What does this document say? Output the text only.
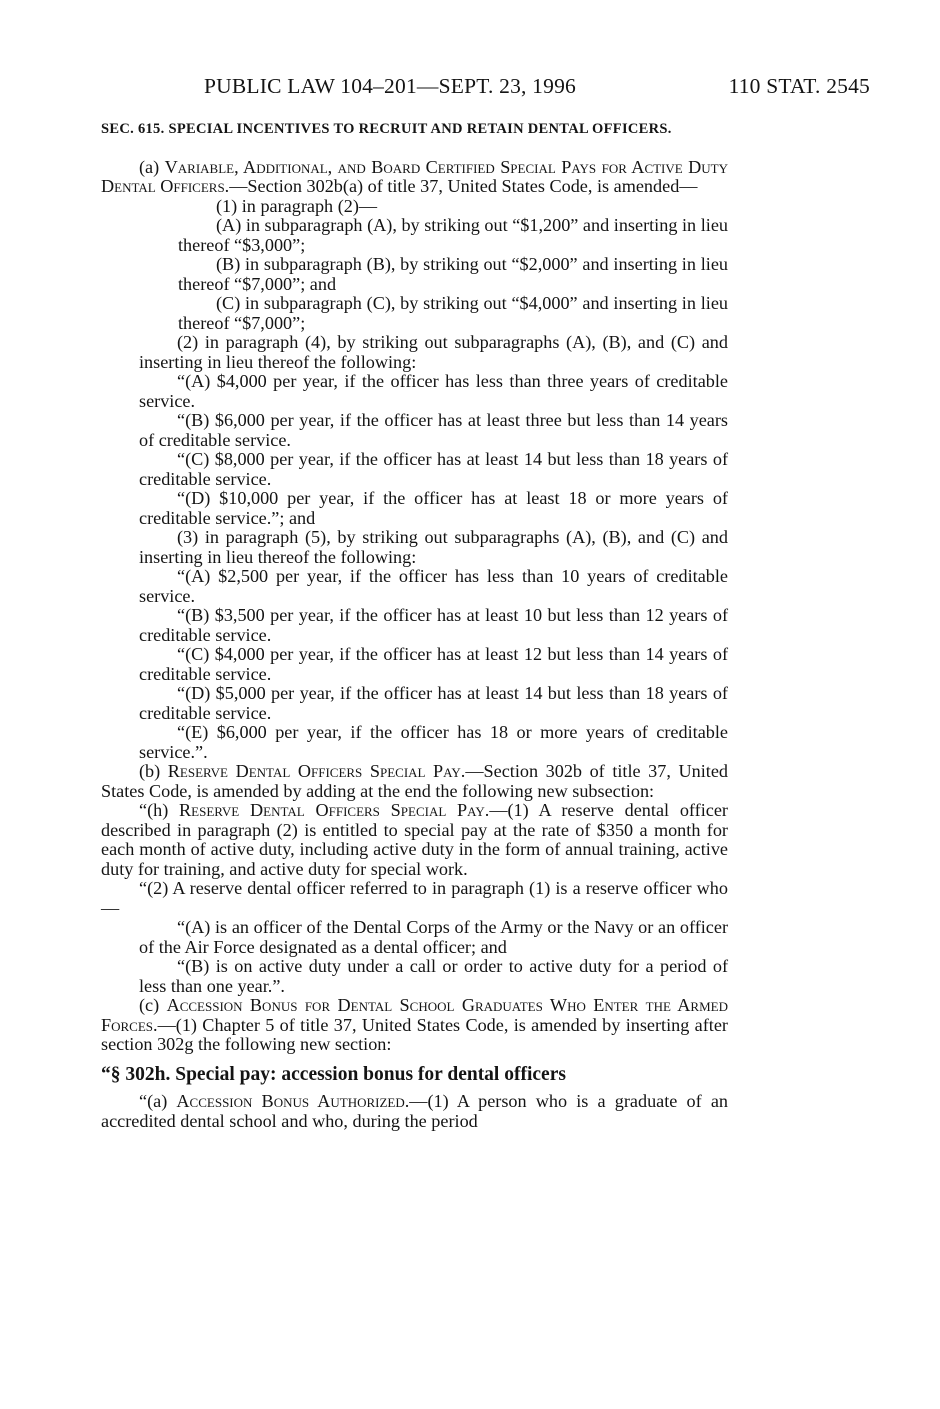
PUBLIC LAW 104–201—SEPT. 23, 1996	110 STAT. 2545
SEC. 615. SPECIAL INCENTIVES TO RECRUIT AND RETAIN DENTAL OFFICERS.

(a) Variable, Additional, and Board Certified Special Pays for Active Duty Dental Officers.—Section 302b(a) of title 37, United States Code, is amended—

(1) in paragraph (2)—

(A) in subparagraph (A), by striking out “$1,200” and inserting in lieu thereof “$3,000”;

(B) in subparagraph (B), by striking out “$2,000” and inserting in lieu thereof “$7,000”; and

(C) in subparagraph (C), by striking out “$4,000” and inserting in lieu thereof “$7,000”;

(2) in paragraph (4), by striking out subparagraphs (A), (B), and (C) and inserting in lieu thereof the following:

“(A) $4,000 per year, if the officer has less than three years of creditable service.

“(B) $6,000 per year, if the officer has at least three but less than 14 years of creditable service.

“(C) $8,000 per year, if the officer has at least 14 but less than 18 years of creditable service.

“(D) $10,000 per year, if the officer has at least 18 or more years of creditable service.”; and

(3) in paragraph (5), by striking out subparagraphs (A), (B), and (C) and inserting in lieu thereof the following:

“(A) $2,500 per year, if the officer has less than 10 years of creditable service.

“(B) $3,500 per year, if the officer has at least 10 but less than 12 years of creditable service.

“(C) $4,000 per year, if the officer has at least 12 but less than 14 years of creditable service.

“(D) $5,000 per year, if the officer has at least 14 but less than 18 years of creditable service.

“(E) $6,000 per year, if the officer has 18 or more years of creditable service.”.

(b) Reserve Dental Officers Special Pay.—Section 302b of title 37, United States Code, is amended by adding at the end the following new subsection:

“(h) Reserve Dental Officers Special Pay.—(1) A reserve dental officer described in paragraph (2) is entitled to special pay at the rate of $350 a month for each month of active duty, including active duty in the form of annual training, active duty for training, and active duty for special work.

“(2) A reserve dental officer referred to in paragraph (1) is a reserve officer who—

“(A) is an officer of the Dental Corps of the Army or the Navy or an officer of the Air Force designated as a dental officer; and

“(B) is on active duty under a call or order to active duty for a period of less than one year.”.

(c) Accession Bonus for Dental School Graduates Who Enter the Armed Forces.—(1) Chapter 5 of title 37, United States Code, is amended by inserting after section 302g the following new section:

“§ 302h. Special pay: accession bonus for dental officers

“(a) Accession Bonus Authorized.—(1) A person who is a graduate of an accredited dental school and who, during the period
